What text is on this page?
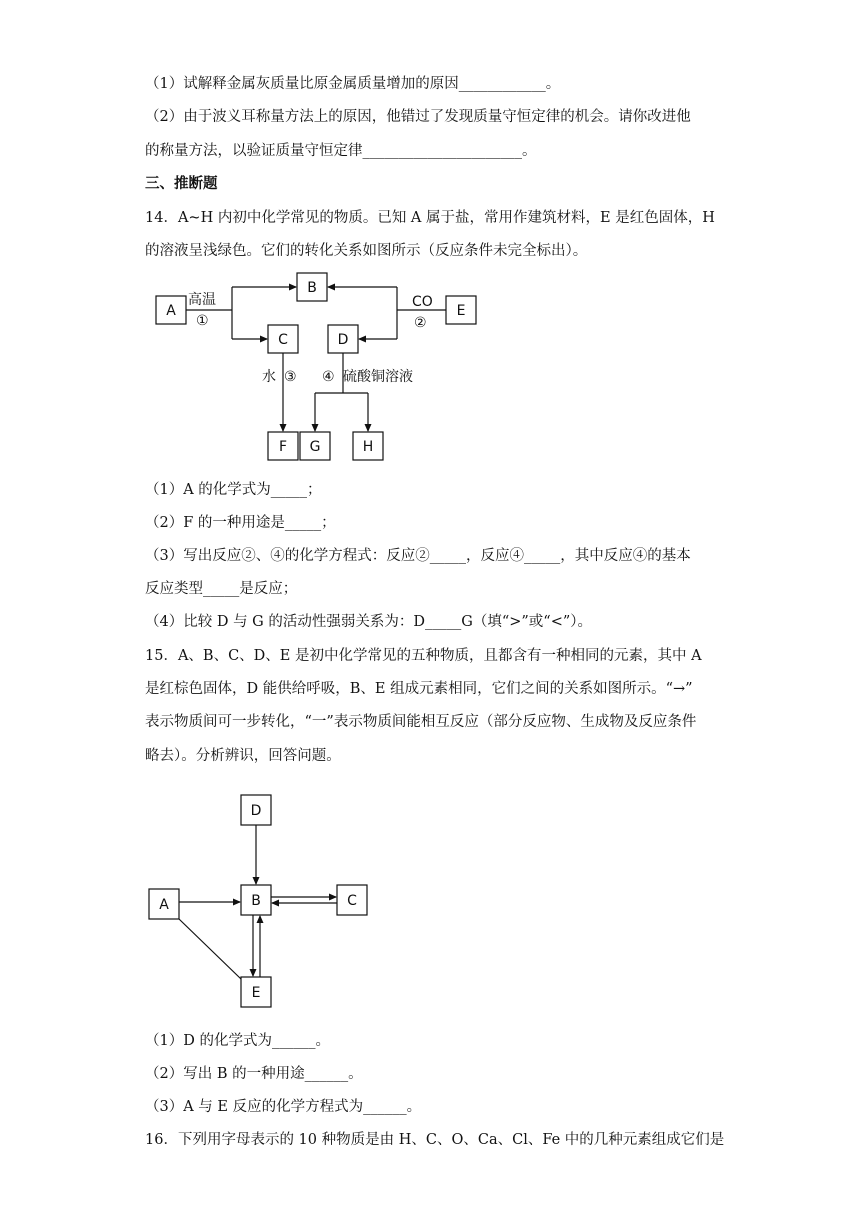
（1）试解释金属灰质量比原金属质量增加的原因____________。
（2）由于波义耳称量方法上的原因，他错过了发现质量守恒定律的机会。请你改进他
的称量方法，以验证质量守恒定律______________________。
三、推断题
14．A~H 内初中化学常见的物质。已知 A 属于盐，常用作建筑材料，E 是红色固体，H
的溶液呈浅绿色。它们的转化关系如图所示（反应条件未完全标出）。
A
B
E
C	D
F G	H
高温
①
CO
②
水 ③ ④ 硫酸铜溶液
（1）A 的化学式为_____；
（2）F 的一种用途是_____；
（3）写出反应②、④的化学方程式：反应②_____，反应④_____，其中反应④的基本
反应类型_____是反应；
（4）比较 D 与 G 的活动性强弱关系为：D_____G（填“>”或“<”）。
15．A、B、C、D、E 是初中化学常见的五种物质，且都含有一种相同的元素，其中 A
是红棕色固体，D 能供给呼吸，B、E 组成元素相同，它们之间的关系如图所示。“→”
表示物质间可一步转化，“一”表示物质间能相互反应（部分反应物、生成物及反应条件
略去）。分析辨识，回答问题。
D
A	B	C
E
（1）D 的化学式为______。
（2）写出 B 的一种用途______。
（3）A 与 E 反应的化学方程式为______。
16．下列用字母表示的 10 种物质是由 H、C、O、Ca、Cl、Fe 中的几种元素组成它们是
